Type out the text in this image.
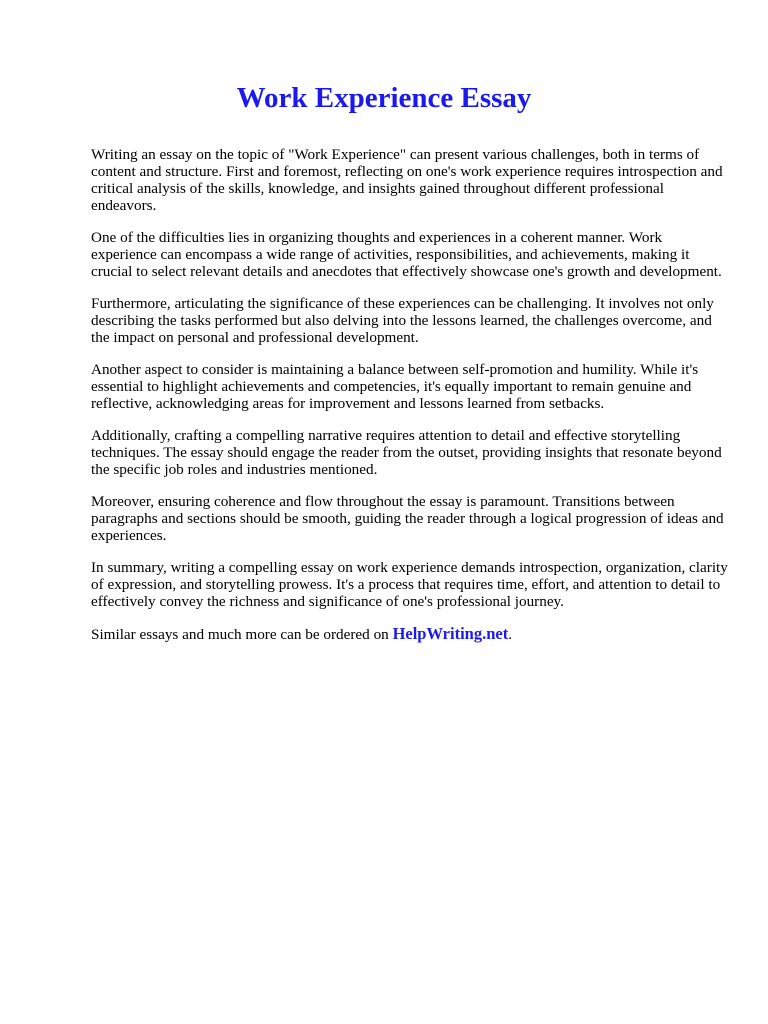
Work Experience Essay

Writing an essay on the topic of "Work Experience" can present various challenges, both in terms of content and structure. First and foremost, reflecting on one's work experience requires introspection and critical analysis of the skills, knowledge, and insights gained throughout different professional endeavors.

One of the difficulties lies in organizing thoughts and experiences in a coherent manner. Work experience can encompass a wide range of activities, responsibilities, and achievements, making it crucial to select relevant details and anecdotes that effectively showcase one's growth and development.

Furthermore, articulating the significance of these experiences can be challenging. It involves not only describing the tasks performed but also delving into the lessons learned, the challenges overcome, and the impact on personal and professional development.

Another aspect to consider is maintaining a balance between self-promotion and humility. While it's essential to highlight achievements and competencies, it's equally important to remain genuine and reflective, acknowledging areas for improvement and lessons learned from setbacks.

Additionally, crafting a compelling narrative requires attention to detail and effective storytelling techniques. The essay should engage the reader from the outset, providing insights that resonate beyond the specific job roles and industries mentioned.

Moreover, ensuring coherence and flow throughout the essay is paramount. Transitions between paragraphs and sections should be smooth, guiding the reader through a logical progression of ideas and experiences.

In summary, writing a compelling essay on work experience demands introspection, organization, clarity of expression, and storytelling prowess. It's a process that requires time, effort, and attention to detail to effectively convey the richness and significance of one's professional journey.

Similar essays and much more can be ordered on HelpWriting.net.
